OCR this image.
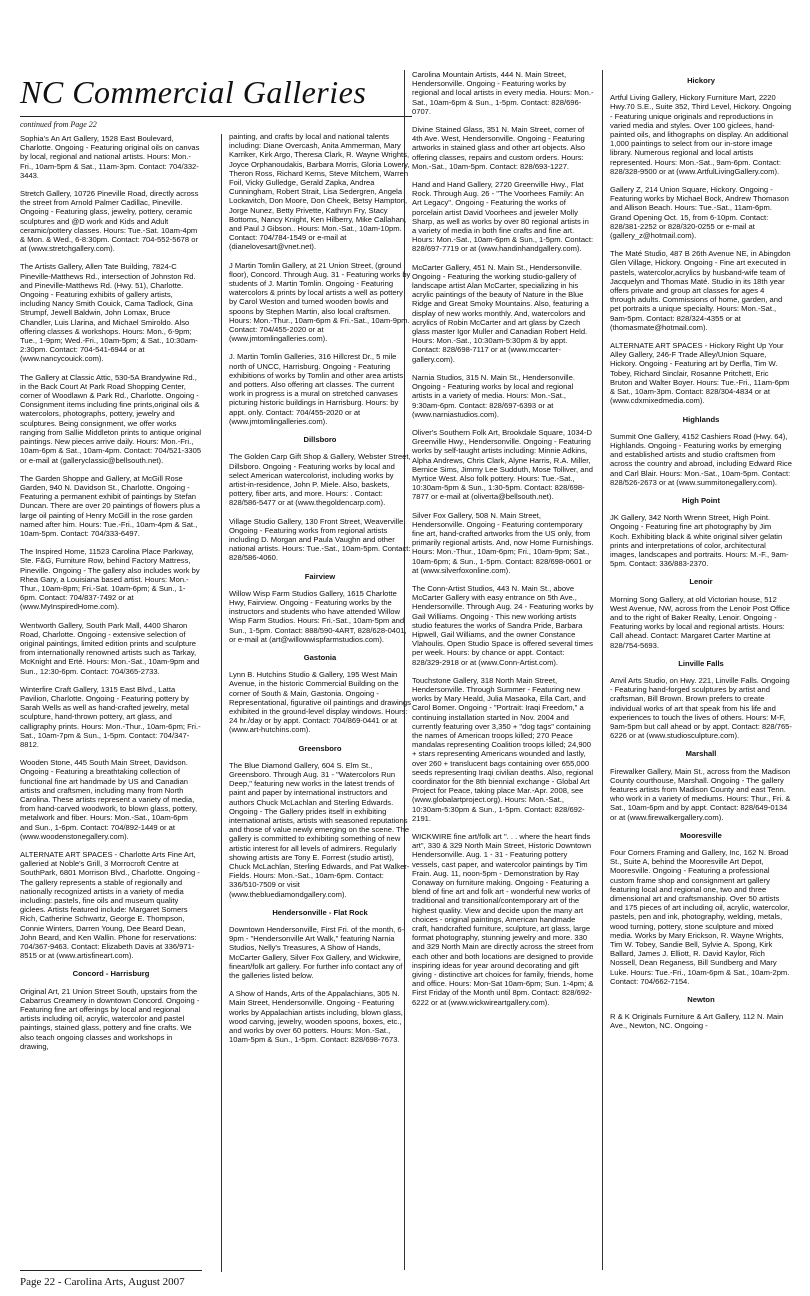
NC Commercial Galleries
continued from Page 22
Sophia's An Art Gallery, 1528 East Boulevard, Charlotte. Ongoing - Featuring original oils on canvas by local, regional and national artists. Hours: Mon.-Fri., 10am-5pm & Sat., 11am-3pm. Contact: 704/332-3443.
Stretch Gallery, 10726 Pineville Road, directly across the street from Arnold Palmer Cadillac, Pineville. Ongoing - Featuring glass, jewelry, pottery, ceramic sculptures and @D work and Kids and Adult ceramic/pottery classes. Hours: Tue.-Sat. 10am-4pm & Mon. & Wed., 6-8:30pm. Contact: 704-552-5678 or at (www.stretchgallery.com).
The Artists Gallery, Allen Tate Building, 7824-C Pineville-Matthews Rd., intersection of Johnston Rd. and Pineville-Matthews Rd. (Hwy. 51), Charlotte. Ongoing - Featuring exhibits of gallery artists, including Nancy Smith Couick, Cama Tadlock, Gina Strumpf, Jewell Baldwin, John Lomax, Bruce Chandler, Luis Llarina, and Michael Smiroldo. Also offering classes & workshops. Hours: Mon., 6-9pm; Tue., 1-9pm; Wed.-Fri., 10am-5pm; & Sat., 10:30am-2:30pm. Contact: 704-541-6944 or at (www.nancycouick.com).
The Gallery at Classic Attic, 530-5A Brandywine Rd., in the Back Court At Park Road Shopping Center, corner of Woodlawn & Park Rd., Charlotte. Ongoing - Consignment items including fine prints,original oils & watercolors, photographs, pottery, jewelry and sculptures. Being consignment, we offer works ranging from Sallie Middleton prints to antique original paintings. New pieces arrive daily. Hours: Mon.-Fri., 10am-6pm & Sat., 10am-4pm. Contact: 704/521-3305 or e-mail at (galleryclassic@bellsouth.net).
The Garden Shoppe and Gallery, at McGill Rose Garden, 940 N. Davidson St., Charlotte. Ongoing - Featuring a permanent exhibit of paintings by Stefan Duncan. There are over 20 paintings of flowers plus a large oil painting of Henry McGill in the rose garden named after him. Hours: Tue.-Fri., 10am-4pm & Sat., 10am-5pm. Contact: 704/333-6497.
The Inspired Home, 11523 Carolina Place Parkway, Ste. F&G, Furniture Row, behind Factory Mattress, Pineville. Ongoing - The gallery also includes work by Rhea Gary, a Louisiana based artist. Hours: Mon.-Thur., 10am-8pm; Fri.-Sat. 10am-6pm; & Sun., 1-6pm. Contact: 704/837-7492 or at (www.MyInspiredHome.com).
Wentworth Gallery, South Park Mall, 4400 Sharon Road, Charlotte. Ongoing - extensive selection of original paintings, limited edition prints and sculpture from internationally renowned artists such as Tarkay, McKnight and Erté. Hours: Mon.-Sat., 10am-9pm and Sun., 12:30-6pm. Contact: 704/365-2733.
Winterfire Craft Gallery, 1315 East Blvd., Latta Pavilion, Charlotte. Ongoing - Featuring pottery by Sarah Wells as well as hand-crafted jewelry, metal sculpture, hand-thrown pottery, art glass, and calligraphy prints. Hours: Mon.-Thur., 10am-6pm; Fri.-Sat., 10am-7pm & Sun., 1-5pm. Contact: 704/347-8812.
Wooden Stone, 445 South Main Street, Davidson. Ongoing - Featuring a breathtaking collection of functional fine art handmade by US and Canadian artists and craftsmen, including many from North Carolina. These artists represent a variety of media, from hand-carved woodwork, to blown glass, pottery, metalwork and fiber. Hours: Mon.-Sat., 10am-6pm and Sun., 1-6pm. Contact: 704/892-1449 or at (www.woodenstonegallery.com).
ALTERNATE ART SPACES - Charlotte Arts Fine Art, galleried at Noble's Grill, 3 Morrocroft Centre at SouthPark, 6801 Morrison Blvd., Charlotte. Ongoing - The gallery represents a stable of regionally and nationally recognized artists in a variety of media including: pastels, fine oils and museum quality giclees. Artists featured include: Margaret Somers Rich, Catherine Schwartz, George E. Thompson, Connie Winters, Darren Young, Dee Beard Dean, John Beard, and Ken Wallin. Phone for reservations: 704/367-9463. Contact: Elizabeth Davis at 336/971-8515 or at (www.artisfineart.com).
Concord - Harrisburg
Original Art, 21 Union Street South, upstairs from the Cabarrus Creamery in downtown Concord. Ongoing - Featuring fine art offerings by local and regional artists including oil, acrylic, watercolor and pastel paintings, stained glass, pottery and fine crafts. We also teach ongoing classes and workshops in drawing,
painting, and crafts by local and national talents including: Diane Overcash, Anita Ammerman, Mary Karriker, Kirk Argo, Theresa Clark, R. Wayne Wrights, Joyce Orphanoudakis, Barbara Morris, Gloria Lowery, Theron Ross, Richard Kerns, Steve Mitchem, Warren Foil, Vicky Gulledge, Gerald Zapka, Andrea Cunningham, Robert Strait, Lisa Sedergren, Angela Lockavitch, Don Moore, Don Cheek, Betsy Hampton, Jorge Nunez, Betty Privette, Kathryn Fry, Stacy Bottoms, Nancy Knight, Ken Hilberry, Mike Callahan, and Paul J Gibson.. Hours: Mon.-Sat., 10am-10pm. Contact: 704/784-1549 or e-mail at (dianelovesart@vnet.net).
J Martin Tomlin Gallery, at 21 Union Street, (ground floor), Concord. Through Aug. 31 - Featuring works by students of J. Martin Tomlin. Ongoing - Featuring watercolors & prints by local artists a well as pottery by Carol Weston and turned wooden bowls and spoons by Stephen Martin, also local craftsmen. Hours: Mon.-Thur., 10am-6pm & Fri.-Sat., 10am-9pm. Contact: 704/455-2020 or at (www.jmtomlingalleries.com).
J. Martin Tomlin Galleries, 316 Hillcrest Dr., 5 mile north of UNCC, Harrisburg. Ongoing - Featuring exhibitions of works by Tomlin and other area artists and potters. Also offering art classes. The current work in progress is a mural on stretched canvases picturing historic buildings in Harrisburg. Hours: by appt. only. Contact: 704/455-2020 or at (www.jmtomlingalleries.com).
Dillsboro
The Golden Carp Gift Shop & Gallery, Webster Street, Dillsboro. Ongoing - Featuring works by local and select American watercolorist, including works by artist-in-residence, John P. Miele. Also, baskets, pottery, fiber arts, and more. Hours: . Contact: 828/586-5477 or at (www.thegoldencarp.com).
Village Studio Gallery, 130 Front Street, Weaverville. Ongoing - Featuring works from regional artists including D. Morgan and Paula Vaughn and other national artists. Hours: Tue.-Sat., 10am-5pm. Contact: 828/586-4060.
Fairview
Willow Wisp Farm Studios Gallery, 1615 Charlotte Hwy, Fairview. Ongoing - Featuring works by the instructors and students who have attended Willow Wisp Farm Studios. Hours: Fri.-Sat., 10am-5pm and Sun., 1-5pm. Contact: 888/590-4ART, 828/628-0401, or e-mail at (art@willowwispfarmstudios.com).
Gastonia
Lynn B. Hutchins Studio & Gallery, 195 West Main Avenue, in the historic Commercial Building on the corner of South & Main, Gastonia. Ongoing - Representational, figurative oil paintings and drawings exhibited in the ground-level display windows. Hours: 24 hr./day or by appt. Contact: 704/869-0441 or at (www.art-hutchins.com).
Greensboro
The Blue Diamond Gallery, 604 S. Elm St., Greensboro. Through Aug. 31 - "Watercolors Run Deep," featuring new works in the latest trends of paint and paper by international instructors and authors Chuck McLachlan and Sterling Edwards. Ongoing - The Gallery prides itself in exhibiting international artists, artists with seasoned reputations and those of value newly emerging on the scene. The gallery is committed to exhibiting something of new artistic interest for all levels of admirers. Regularly showing artists are Tony E. Forrest (studio artist), Chuck McLachlan, Sterling Edwards, and Pat Walker-Fields. Hours: Mon.-Sat., 10am-6pm. Contact: 336/510-7509 or visit (www.thebluediamondgallery.com).
Hendersonville - Flat Rock
Downtown Hendersonville, First Fri. of the month, 6-9pm - "Hendersonville Art Walk," featuring Narnia Studios, Nelly's Treasures, A Show of Hands, McCarter Gallery, Silver Fox Gallery, and Wickwire, fineart/folk art gallery. For further info contact any of the galleries listed below.
A Show of Hands, Arts of the Appalachians, 305 N. Main Street, Hendersonville. Ongoing - Featuring works by Appalachian artists including, blown glass, wood carving, jewelry, wooden spoons, boxes, etc., and works by over 60 potters. Hours: Mon.-Sat., 10am-5pm & Sun., 1-5pm. Contact: 828/698-7673.
Carolina Mountain Artists, 444 N. Main Street, Hendersonville. Ongoing - Featuring works by regional and local artists in every media. Hours: Mon.-Sat., 10am-6pm & Sun., 1-5pm. Contact: 828/696-0707.
Divine Stained Glass, 351 N. Main Street, corner of 4th Ave. West, Hendersonville. Ongoing - Featuring artworks in stained glass and other art objects. Also offering classes, repairs and custom orders. Hours: Mon.-Sat., 10am-5pm. Contact: 828/693-1227.
Hand and Hand Gallery, 2720 Greenville Hwy., Flat Rock. Through Aug. 26 - "The Voorhees Family: An Art Legacy". Ongoing - Featuring the works of porcelain artist David Voorhees and jeweler Molly Sharp, as well as works by over 80 regional artists in a variety of media in both fine crafts and fine art. Hours: Mon.-Sat., 10am-6pm & Sun., 1-5pm. Contact: 828/697-7719 or at (www.handinhandgallery.com).
McCarter Gallery, 451 N. Main St., Hendersonville. Ongoing - Featuring the working studio-gallery of landscape artist Alan McCarter, specializing in his acrylic paintings of the beauty of Nature in the Blue Ridge and Great Smoky Mountains. Also, featuring a display of new works monthly. And, watercolors and acrylics of Robin McCarter and art glass by Czech glass master Igor Muller and Canadian Robert Held. Hours: Mon.-Sat., 10:30am-5:30pm & by appt. Contact: 828/698-7117 or at (www.mccarter-gallery.com).
Narnia Studios, 315 N. Main St., Hendersonville. Ongoing - Featuring works by local and regional artists in a variety of media. Hours: Mon.-Sat., 9:30am-6pm. Contact: 828/697-6393 or at (www.narniastudios.com).
Oliver's Southern Folk Art, Brookdale Square, 1034-D Greenville Hwy., Hendersonville. Ongoing - Featuring works by self-taught artists including: Minnie Adkins, Alpha Andrews, Chris Clark, Alyne Harris, R.A. Miller, Bernice Sims, Jimmy Lee Sudduth, Mose Tolliver, and Myrtice West. Also folk pottery. Hours: Tue.-Sat., 10:30am-5pm & Sun., 1:30-5pm. Contact: 828/698-7877 or e-mail at (oliverta@bellsouth.net).
Silver Fox Gallery, 508 N. Main Street, Hendersonville. Ongoing - Featuring contemporary fine art, hand-crafted artworks from the US only, from primarily regional artists. And, now Home Furnishings. Hours: Mon.-Thur., 10am-6pm; Fri., 10am-9pm; Sat., 10am-6pm; & Sun., 1-5pm. Contact: 828/698-0601 or at (www.silverfoxonline.com).
The Conn-Artist Studios, 443 N. Main St., above McCarter Gallery with easy entrance on 5th Ave., Hendersonville. Through Aug. 24 - Featuring works by Gail Williams. Ongoing - This new working artists studio features the works of Sandra Pride, Barbara Hipwell, Gail Williams, and the owner Constance Vlahoulis. Open Studio Space is offered several times per week. Hours: by chance or appt. Contact: 828/329-2918 or at (www.Conn-Artist.com).
Touchstone Gallery, 318 North Main Street, Hendersonville. Through Summer - Featuring new works by Mary Heald, Julia Masaoka, Ella Cart, and Carol Bomer. Ongoing - "Portrait: Iraqi Freedom," a continuing installation started in Nov. 2004 and currently featuring over 3,350 + "dog tags" containing the names of American troops killed; 270 Peace mandalas representing Coalition troops killed; 24,900 + stars representing Americans wounded and lastly, over 260 + translucent bags containing over 655,000 seeds representing Iraqi civilian deaths. Also, regional coordinator for the 8th biennial exchange - Global Art Project for Peace, taking place Mar.-Apr. 2008, see (www.globalartproject.org). Hours: Mon.-Sat., 10:30am-5:30pm & Sun., 1-5pm. Contact: 828/692-2191.
WICKWIRE fine art/folk art ". . . where the heart finds art", 330 & 329 North Main Street, Historic Downtown Hendersonville. Aug. 1 - 31 - Featuring pottery vessels, cast paper, and watercolor paintings by Tim Frain. Aug. 11, noon-5pm - Demonstration by Ray Conaway on furniture making. Ongoing - Featuring a blend of fine art and folk art - wonderful new works of traditional and transitional/contemporary art of the highest quality. View and decide upon the many art choices - original paintings, American handmade craft, handcrafted furniture, sculpture, art glass, large format photography, stunning jewelry and more. 330 and 329 North Main are directly across the street from each other and both locations are designed to provide inspiring ideas for year around decorating and gift giving - distinctive art choices for family, friends, home and office. Hours: Mon-Sat 10am-6pm; Sun. 1-4pm; & First Friday of the Month until 8pm. Contact: 828/692-6222 or at (www.wickwireartgallery.com).
Hickory
Artful Living Gallery, Hickory Furniture Mart, 2220 Hwy.70 S.E., Suite 352, Third Level, Hickory. Ongoing - Featuring unique originals and reproductions in varied media and styles. Over 100 giclees, hand-painted oils, and lithographs on display. An additional 1,000 paintings to select from our in-store image library. Numerous regional and local artists represented. Hours: Mon.-Sat., 9am-6pm. Contact: 828/328-9500 or at (www.ArtfulLivingGallery.com).
Gallery Z, 214 Union Square, Hickory. Ongoing - Featuring works by Michael Bock, Andrew Thomason and Allison Beach. Hours: Tue.-Sat., 11am-6pm. Grand Opening Oct. 15, from 6-10pm. Contact: 828/381-2252 or 828/320-0255 or e-mail at (gallery_z@hotmail.com).
The Maté Studio, 487 B 26th Avenue NE, in Abingdon Glen Village, Hickory. Ongoing - Fine art executed in pastels, watercolor,acrylics by husband-wife team of Jacquelyn and Thomas Maté. Studio in its 18th year offers private and group art classes for ages 4 through adults. Commissions of home, garden, and pet portraits a unique specialty. Hours: Mon.-Sat., 9am-5pm. Contact: 828/324-4355 or at (thomasmate@hotmail.com).
ALTERNATE ART SPACES - Hickory Right Up Your Alley Gallery, 246-F Trade Alley/Union Square, Hickory. Ongoing - Featuring art by Derfla, Tim W. Tobey, Richard Sinclair, Rosanne Pritchett, Eric Bruton and Walter Boyer. Hours: Tue.-Fri., 11am-6pm & Sat., 10am-3pm. Contact: 828/304-4834 or at (www.cdxmixedmedia.com).
Highlands
Summit One Gallery, 4152 Cashiers Road (Hwy. 64), Highlands. Ongoing - Featuring works by emerging and established artists and studio craftsmen from across the country and abroad, including Edward Rice and Carl Blair. Hours: Mon.-Sat., 10am-5pm. Contact: 828/526-2673 or at (www.summitonegallery.com).
High Point
JK Gallery, 342 North Wrenn Street, High Point. Ongoing - Featuring fine art photography by Jim Koch. Exhibiting black & white original silver gelatin prints and interpretations of color, architectural images, landscapes and portraits. Hours: M.-F., 9am-5pm. Contact: 336/883-2370.
Lenoir
Morning Song Gallery, at old Victorian house, 512 West Avenue, NW, across from the Lenoir Post Office and to the right of Baker Realty, Lenoir. Ongoing - Featuring works by local and regional artists. Hours: Call ahead. Contact: Margaret Carter Martine at 828/754-5693.
Linville Falls
Anvil Arts Studio, on Hwy. 221, Linville Falls. Ongoing - Featuring hand-forged sculptures by artist and craftsman, Bill Brown. Brown prefers to create individual works of art that speak from his life and experiences to touch the lives of others. Hours: M-F, 9am-5pm but call ahead or by appt. Contact: 828/765-6226 or at (www.studiosculpture.com).
Marshall
Firewalker Gallery, Main St., across from the Madison County courthouse, Marshall. Ongoing - The gallery features artists from Madison County and east Tenn. who work in a variety of mediums. Hours: Thur., Fri. & Sat., 10am-6pm and by appt. Contact: 828/649-0134 or at (www.firewalkergallery.com).
Mooresville
Four Corners Framing and Gallery, Inc, 162 N. Broad St., Suite A, behind the Mooresville Art Depot, Mooresville. Ongoing - Featuring a professional custom frame shop and consignment art gallery featuring local and regional one, two and three dimensional art and craftsmanship. Over 50 artists and 175 pieces of art including oil, acrylic, watercolor, pastels, pen and ink, photography, welding, metals, wood turning, pottery, stone sculpture and mixed media. Works by Mary Erickson, R. Wayne Wrights, Tim W. Tobey, Sandie Bell, Sylvie A. Spong, Kirk Ballard, James J. Elliott, R. David Kaylor, Rich Nossell, Dean Reganess, Bill Sundberg and Mary Luke. Hours: Tue.-Fri., 10am-6pm & Sat., 10am-2pm. Contact: 704/662-7154.
Newton
R & K Originals Furniture & Art Gallery, 112 N. Main Ave., Newton, NC. Ongoing -
Page 22 - Carolina Arts, August 2007
